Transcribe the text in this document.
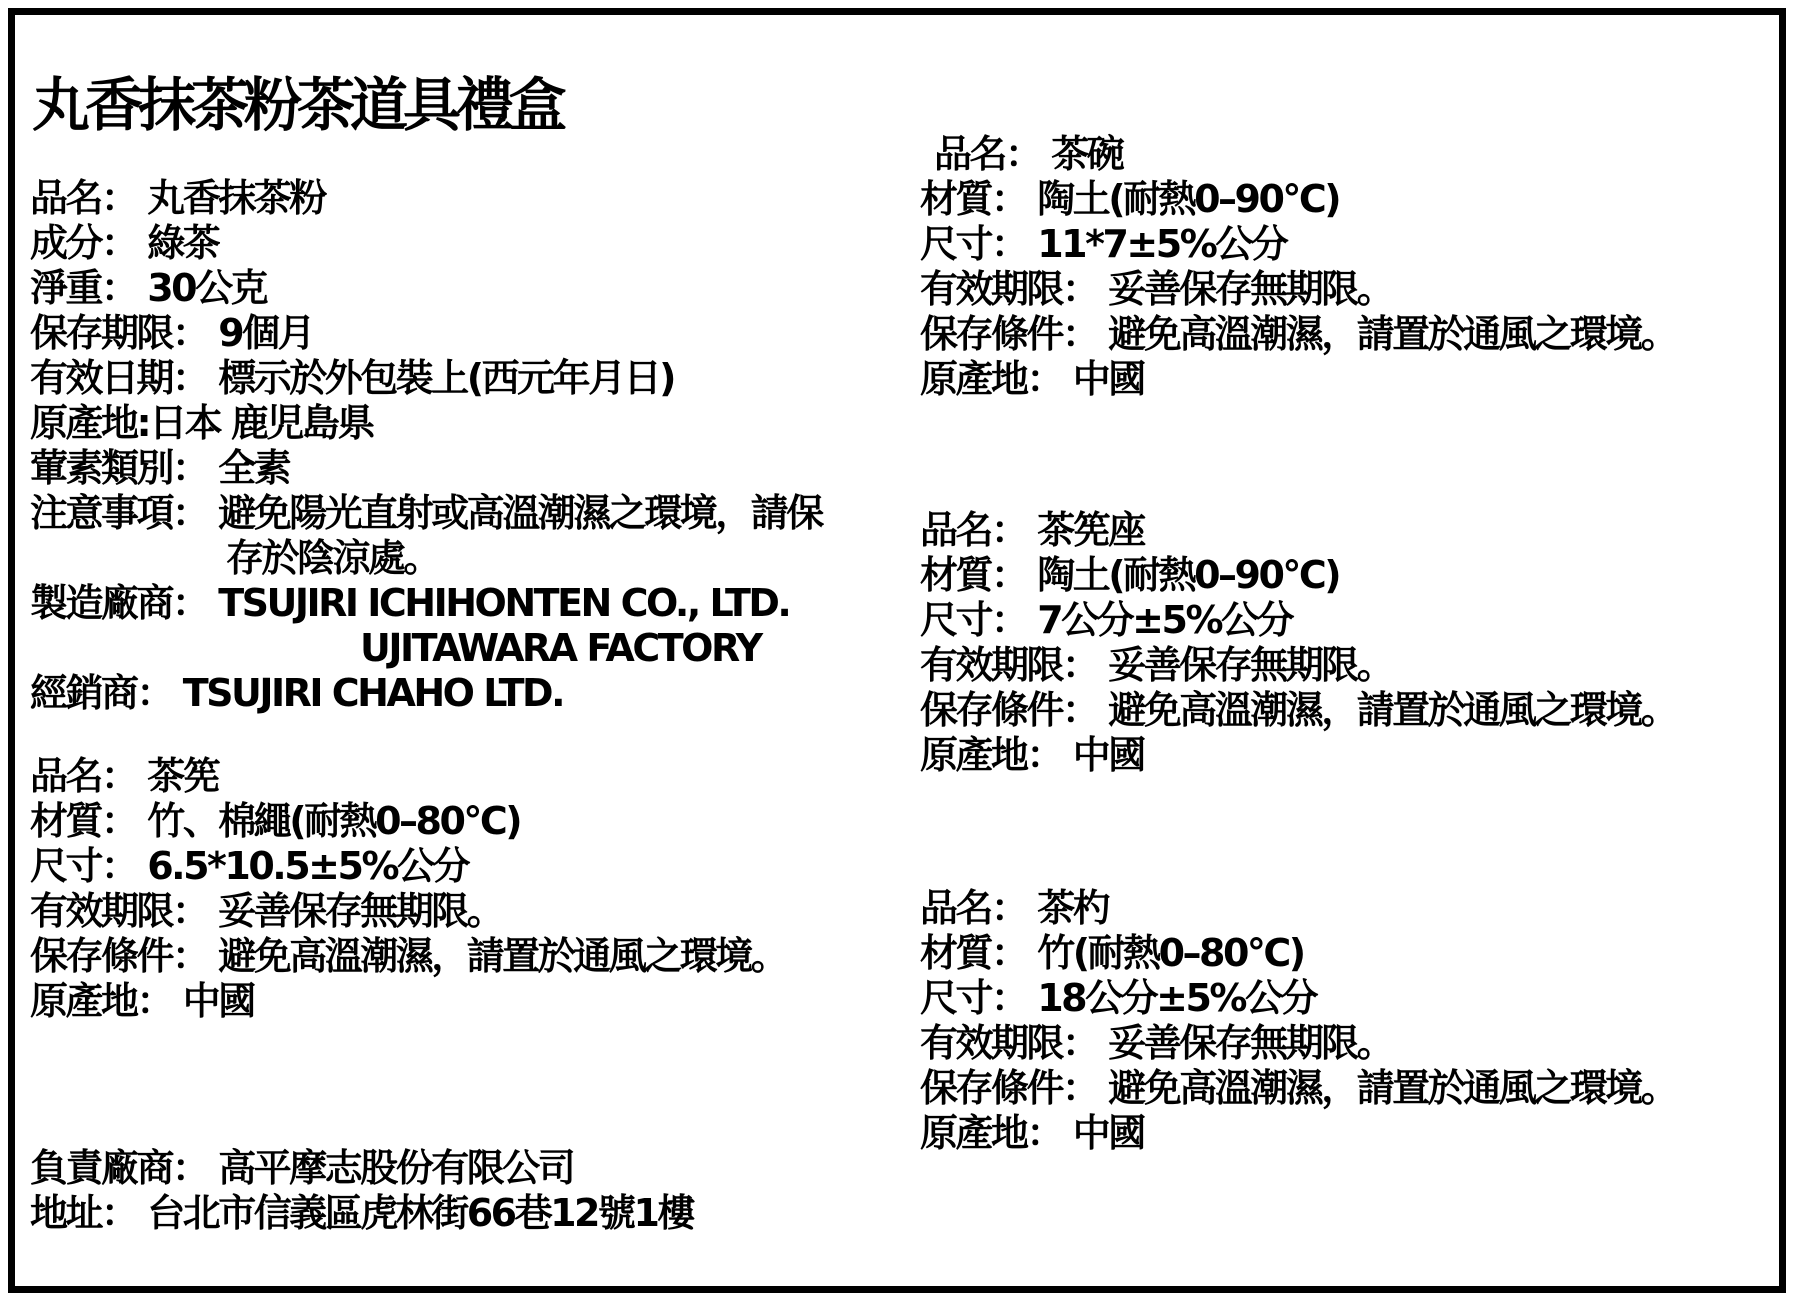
丸香抹茶粉茶道具禮盒
品名： 丸香抹茶粉
成分： 綠茶
淨重： 30公克
保存期限： 9個月
有效日期： 標示於外包裝上(西元年月日)
原產地:日本 鹿児島県
葷素類別： 全素
注意事項： 避免陽光直射或高溫潮濕之環境，請保
存於陰涼處。
製造廠商： TSUJIRI ICHIHONTEN CO., LTD.
UJITAWARA FACTORY
經銷商： TSUJIRI CHAHO LTD.
品名： 茶筅
材質： 竹、棉繩(耐熱0–80°C)
尺寸： 6.5*10.5±5%公分
有效期限： 妥善保存無期限。
保存條件： 避免高溫潮濕，請置於通風之環境。
原產地： 中國
負責廠商： 高平摩志股份有限公司
地址： 台北市信義區虎林街66巷12號1樓
品名： 茶碗
材質： 陶土(耐熱0–90°C)
尺寸： 11*7±5%公分
有效期限： 妥善保存無期限。
保存條件： 避免高溫潮濕，請置於通風之環境。
原產地： 中國
品名： 茶筅座
材質： 陶土(耐熱0–90°C)
尺寸： 7公分±5%公分
有效期限： 妥善保存無期限。
保存條件： 避免高溫潮濕，請置於通風之環境。
原產地： 中國
品名： 茶杓
材質： 竹(耐熱0–80°C)
尺寸： 18公分±5%公分
有效期限： 妥善保存無期限。
保存條件： 避免高溫潮濕，請置於通風之環境。
原產地： 中國
